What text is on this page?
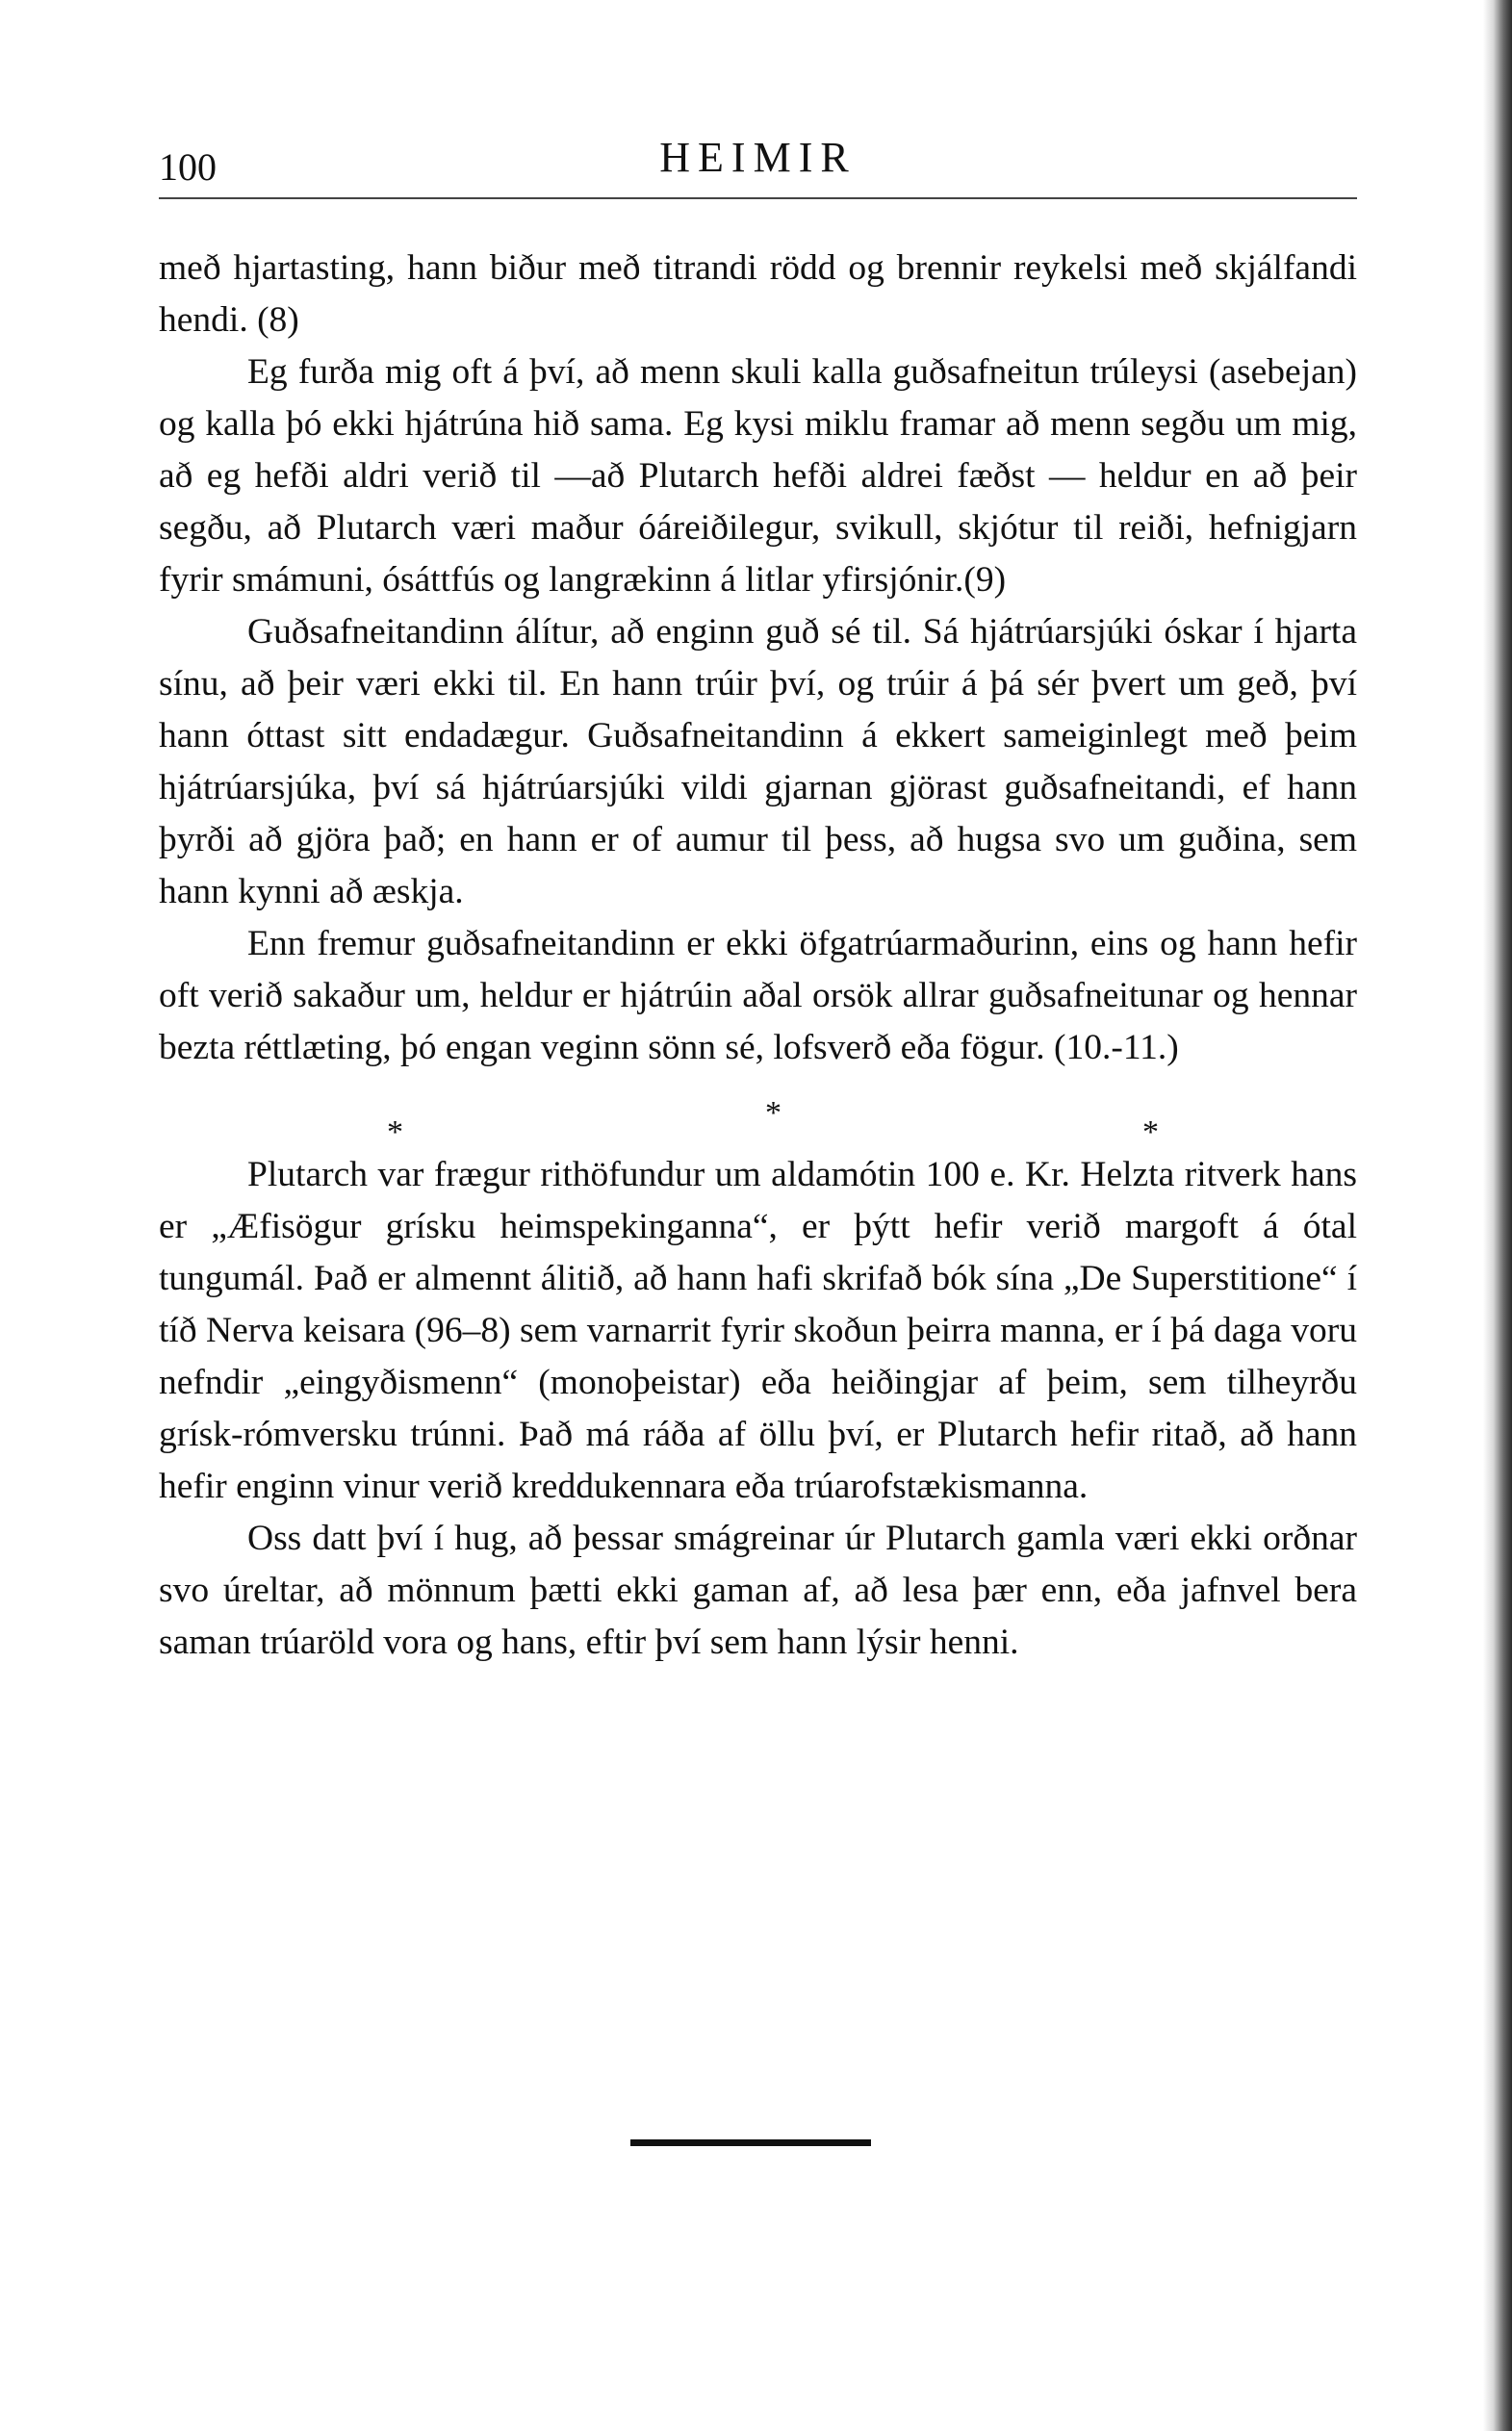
100	HEIMIR

með hjartasting, hann biður með titrandi rödd og brennir reykelsi með skjálfandi hendi. (8)

Eg furða mig oft á því, að menn skuli kalla guðsafneitun trúleysi (asebejan) og kalla þó ekki hjátrúna hið sama. Eg kysi miklu framar að menn segðu um mig, að eg hefði aldri verið til —að Plutarch hefði aldrei fæðst — heldur en að þeir segðu, að Plutarch væri maður óáreiðilegur, svikull, skjótur til reiði, hefnigjarn fyrir smámuni, ósáttfús og langrækinn á litlar yfirsjónir.(9)

Guðsafneitandinn álítur, að enginn guð sé til. Sá hjátrúarsjúki óskar í hjarta sínu, að þeir væri ekki til. En hann trúir því, og trúir á þá sér þvert um geð, því hann óttast sitt endadægur. Guðsafneitandinn á ekkert sameiginlegt með þeim hjátrúarsjúka, því sá hjátrúarsjúki vildi gjarnan gjörast guðsafneitandi, ef hann þyrði að gjöra það; en hann er of aumur til þess, að hugsa svo um guðina, sem hann kynni að æskja.

Enn fremur guðsafneitandinn er ekki öfgatrúarmaðurinn, eins og hann hefir oft verið sakaður um, heldur er hjátrúin aðal orsök allrar guðsafneitunar og hennar bezta réttlæting, þó engan veginn sönn sé, lofsverð eða fögur. (10.-11.)

*
*
*

Plutarch var frægur rithöfundur um aldamótin 100 e. Kr. Helzta ritverk hans er „Æfisögur grísku heimspekinganna“, er þýtt hefir verið margoft á ótal tungumál. Það er almennt álitið, að hann hafi skrifað bók sína „De Superstitione“ í tíð Nerva keisara (96–8) sem varnarrit fyrir skoðun þeirra manna, er í þá daga voru nefndir „eingyðismenn“ (monoþeistar) eða heiðingjar af þeim, sem tilheyrðu grísk-rómversku trúnni. Það má ráða af öllu því, er Plutarch hefir ritað, að hann hefir enginn vinur verið kreddukennara eða trúarofstækismanna.

Oss datt því í hug, að þessar smágreinar úr Plutarch gamla væri ekki orðnar svo úreltar, að mönnum þætti ekki gaman af, að lesa þær enn, eða jafnvel bera saman trúaröld vora og hans, eftir því sem hann lýsir henni.
